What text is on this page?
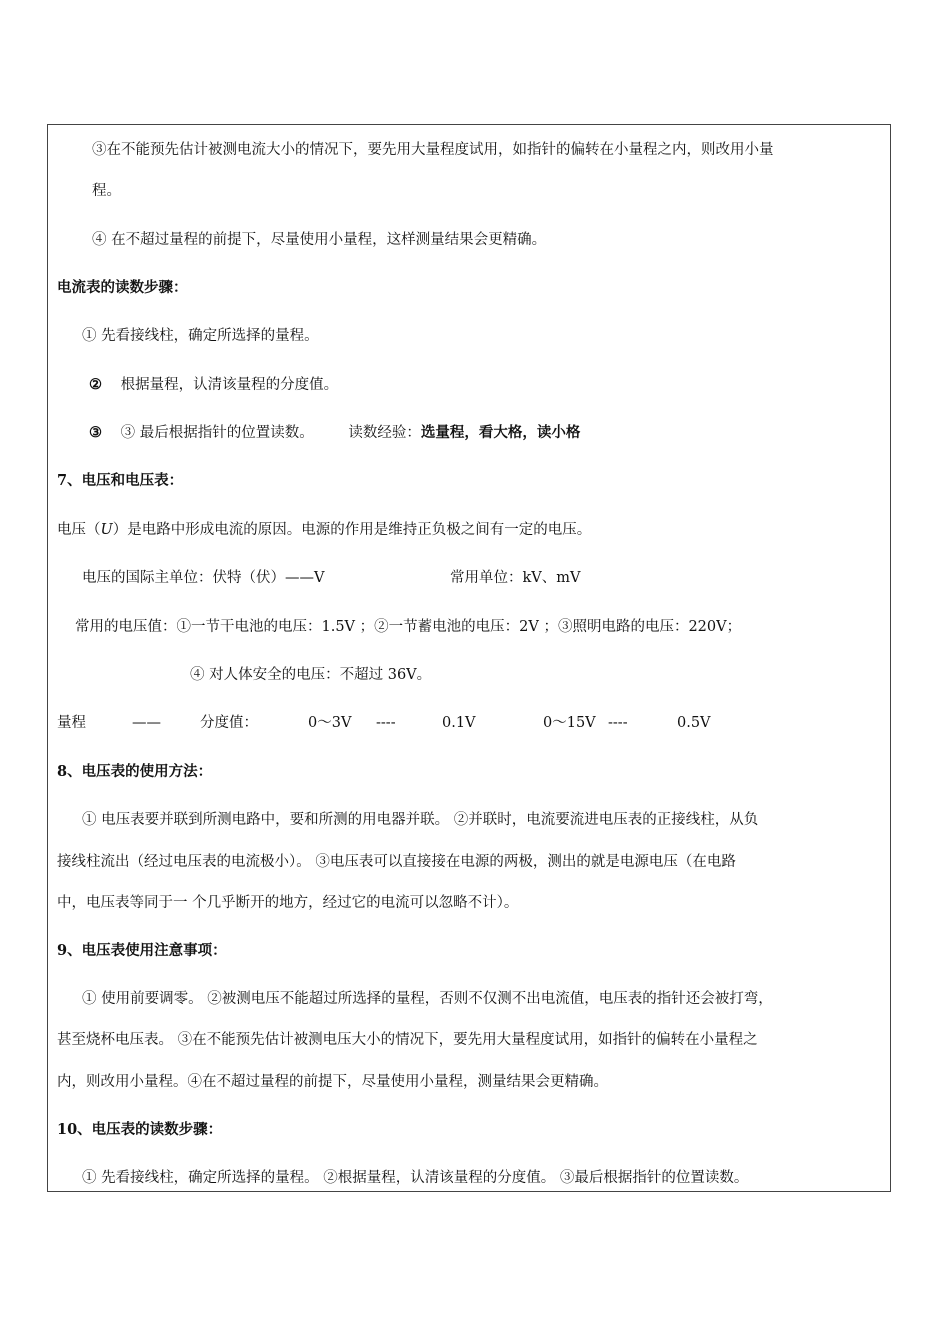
③在不能预先估计被测电流大小的情况下，要先用大量程度试用，如指针的偏转在小量程之内，则改用小量
程。
④ 在不超过量程的前提下，尽量使用小量程，这样测量结果会更精确。
电流表的读数步骤：
① 先看接线柱，确定所选择的量程。
② 根据量程，认清该量程的分度值。
③ ③ 最后根据指针的位置读数。 读数经验：选量程，看大格，读小格
7、电压和电压表：
电压（U）是电路中形成电流的原因。电源的作用是维持正负极之间有一定的电压。
电压的国际主单位：伏特（伏）——V	常用单位：kV、mV
常用的电压值：①一节干电池的电压：1.5V ；②一节蓄电池的电压：2V ；③照明电路的电压：220V；
④ 对人体安全的电压：不超过 36V。
量程	——	分度值：	0～3V ----	0.1V	0～15V ----	0.5V
8、电压表的使用方法：
① 电压表要并联到所测电路中，要和所测的用电器并联。 ②并联时，电流要流进电压表的正接线柱，从负
接线柱流出（经过电压表的电流极小）。 ③电压表可以直接接在电源的两极，测出的就是电源电压（在电路
中，电压表等同于一 个几乎断开的地方，经过它的电流可以忽略不计）。
9、电压表使用注意事项：
① 使用前要调零。 ②被测电压不能超过所选择的量程，否则不仅测不出电流值，电压表的指针还会被打弯，
甚至烧杯电压表。 ③在不能预先估计被测电压大小的情况下，要先用大量程度试用，如指针的偏转在小量程之
内，则改用小量程。④在不超过量程的前提下，尽量使用小量程，测量结果会更精确。
10、电压表的读数步骤：
① 先看接线柱，确定所选择的量程。 ②根据量程，认清该量程的分度值。 ③最后根据指针的位置读数。
